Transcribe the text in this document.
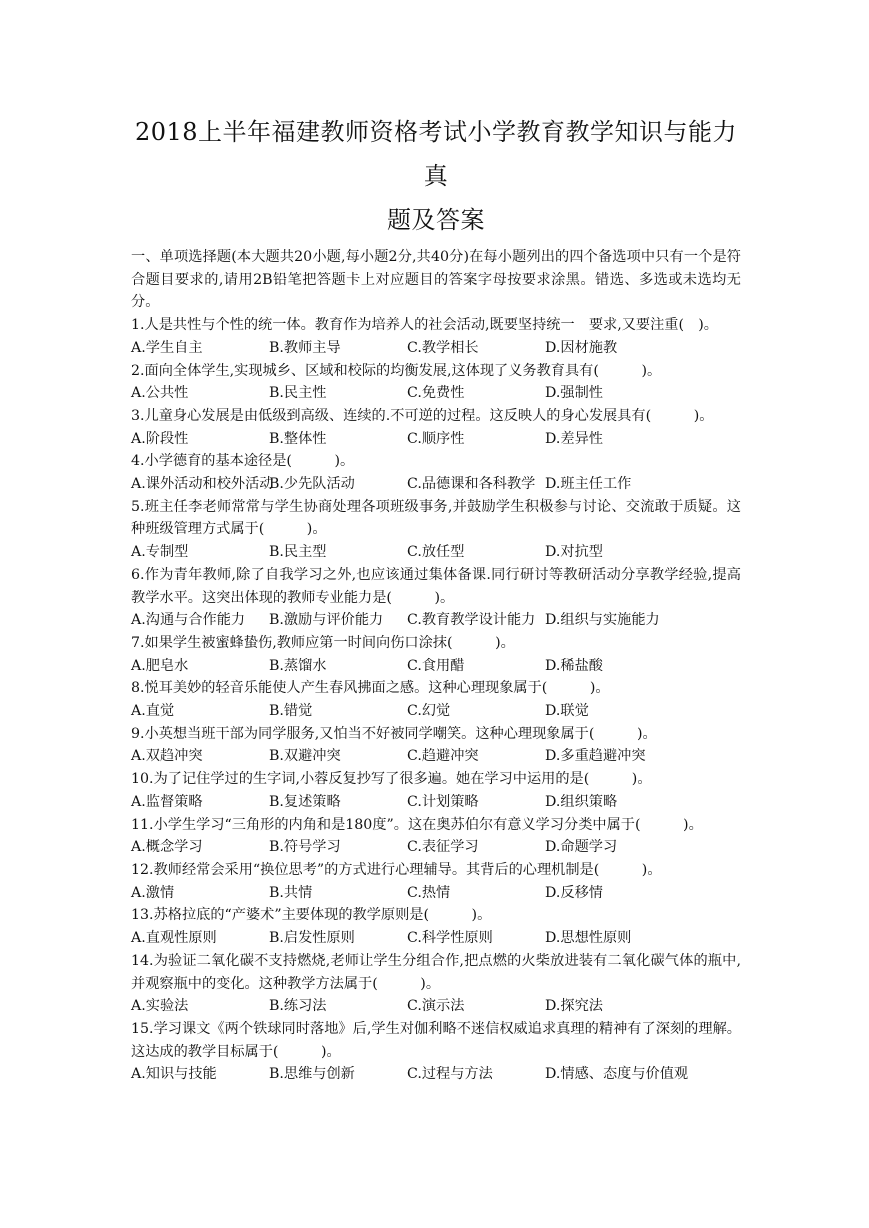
2018上半年福建教师资格考试小学教育教学知识与能力真
题及答案

一、单项选择题(本大题共20小题,每小题2分,共40分)在每小题列出的四个备选项中只有一个是符合题目要求的,请用2B铅笔把答题卡上对应题目的答案字母按要求涂黑。错选、多选或未选均无分。

1.人是共性与个性的统一体。教育作为培养人的社会活动,既要坚持统一　要求,又要注重(　)。

A.学生自主	B.教师主导	C.教学相长	D.因材施教

2.面向全体学生,实现城乡、区域和校际的均衡发展,这体现了义务教育具有(　　　)。

A.公共性	B.民主性	C.免费性	D.强制性

3.儿童身心发展是由低级到高级、连续的.不可逆的过程。这反映人的身心发展具有(　　　)。

A.阶段性	B.整体性	C.顺序性	D.差异性

4.小学德育的基本途径是(　　　)。

A.课外活动和校外活动
B.少先队活动	C.品德课和各科教学 D.班主任工作

5.班主任李老师常常与学生协商处理各项班级事务,并鼓励学生积极参与讨论、交流敢于质疑。这种班级管理方式属于(　　　)。

A.专制型	B.民主型	C.放任型	D.对抗型

6.作为青年教师,除了自我学习之外,也应该通过集体备课.同行研讨等教研活动分享教学经验,提高教学水平。这突出体现的教师专业能力是(　　　)。

A.沟通与合作能力	B.激励与评价能力	C.教育教学设计能力 D.组织与实施能力

7.如果学生被蜜蜂蛰伤,教师应第一时间向伤口涂抹(　　　)。

A.肥皂水	B.蒸馏水	C.食用醋	D.稀盐酸

8.悦耳美妙的轻音乐能使人产生春风拂面之感。这种心理现象属于(　　　)。

A.直觉	B.错觉	C.幻觉	D.联觉

9.小英想当班干部为同学服务,又怕当不好被同学嘲笑。这种心理现象属于(　　　)。

A.双趋冲突	B.双避冲突	C.趋避冲突	D.多重趋避冲突

10.为了记住学过的生字词,小蓉反复抄写了很多遍。她在学习中运用的是(　　　)。

A.监督策略	B.复述策略	C.计划策略	D.组织策略

11.小学生学习“三角形的内角和是180度”。这在奥苏伯尔有意义学习分类中属于(　　　)。

A.概念学习	B.符号学习	C.表征学习	D.命题学习

12.教师经常会采用“换位思考”的方式进行心理辅导。其背后的心理机制是(　　　)。

A.激情	B.共情	C.热情	D.反移情

13.苏格拉底的“产婆术”主要体现的教学原则是(　　　)。

A.直观性原则	B.启发性原则	C.科学性原则	D.思想性原则

14.为验证二氧化碳不支持燃烧,老师让学生分组合作,把点燃的火柴放进装有二氧化碳气体的瓶中,并观察瓶中的变化。这种教学方法属于(　　　)。

A.实验法	B.练习法	C.演示法	D.探究法

15.学习课文《两个铁球同时落地》后,学生对伽利略不迷信权威追求真理的精神有了深刻的理解。这达成的教学目标属于(　　　)。

A.知识与技能	B.思维与创新	C.过程与方法	D.情感、态度与价值观
